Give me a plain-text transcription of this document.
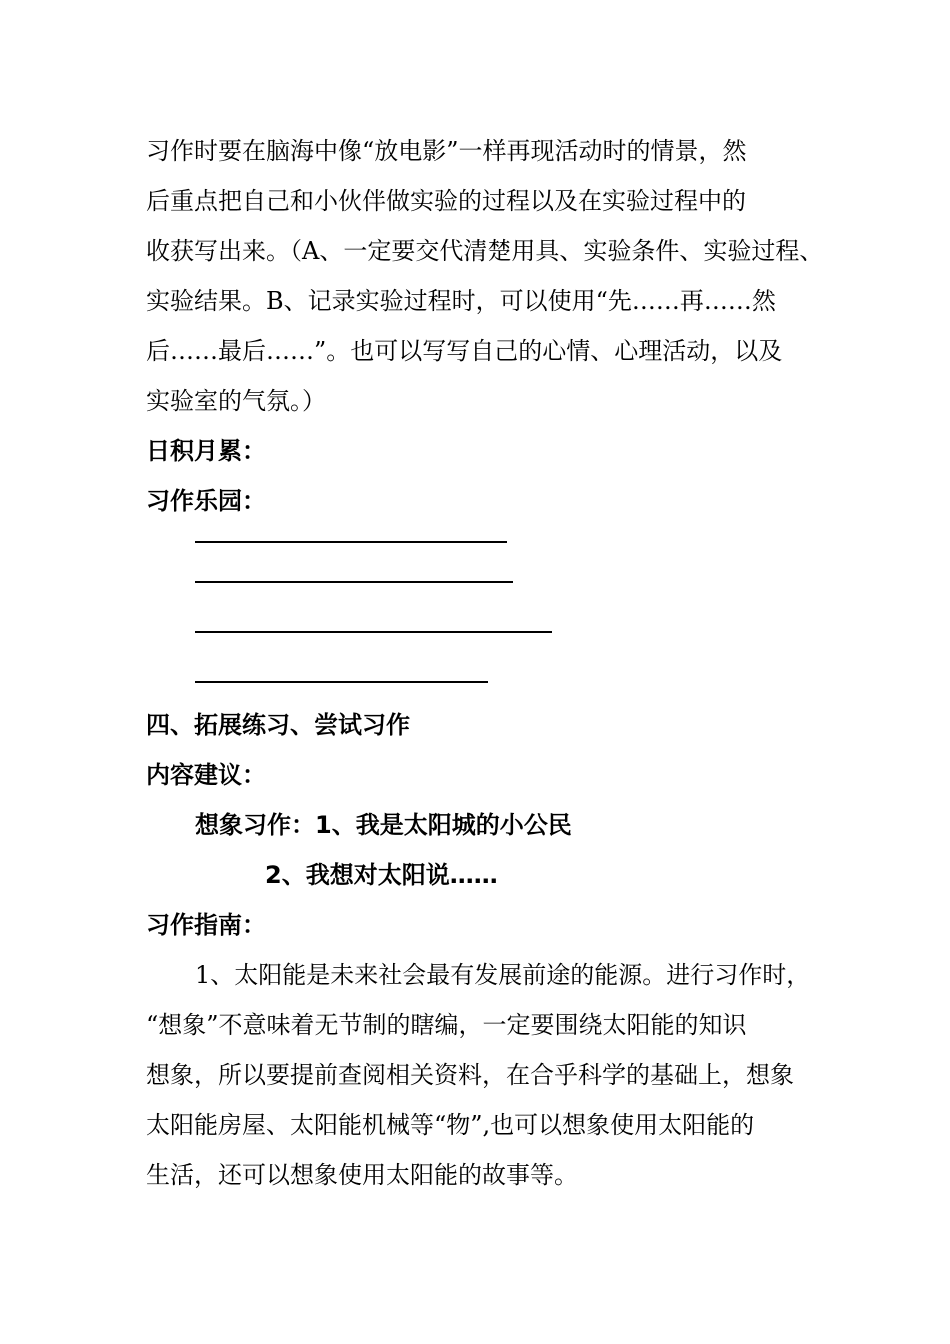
习作时要在脑海中像“放电影”一样再现活动时的情景，然
后重点把自己和小伙伴做实验的过程以及在实验过程中的
收获写出来。（A、一定要交代清楚用具、实验条件、实验过程、
实验结果。B、记录实验过程时，可以使用“先……再……然
后……最后……”。也可以写写自己的心情、心理活动，以及
实验室的气氛。）
日积月累：
习作乐园：
四、拓展练习、尝试习作
内容建议：
想象习作：1、我是太阳城的小公民
2、我想对太阳说……
习作指南：
1、太阳能是未来社会最有发展前途的能源。进行习作时，
“想象”不意味着无节制的瞎编，一定要围绕太阳能的知识
想象，所以要提前查阅相关资料，在合乎科学的基础上，想象
太阳能房屋、太阳能机械等“物”,也可以想象使用太阳能的
生活，还可以想象使用太阳能的故事等。
